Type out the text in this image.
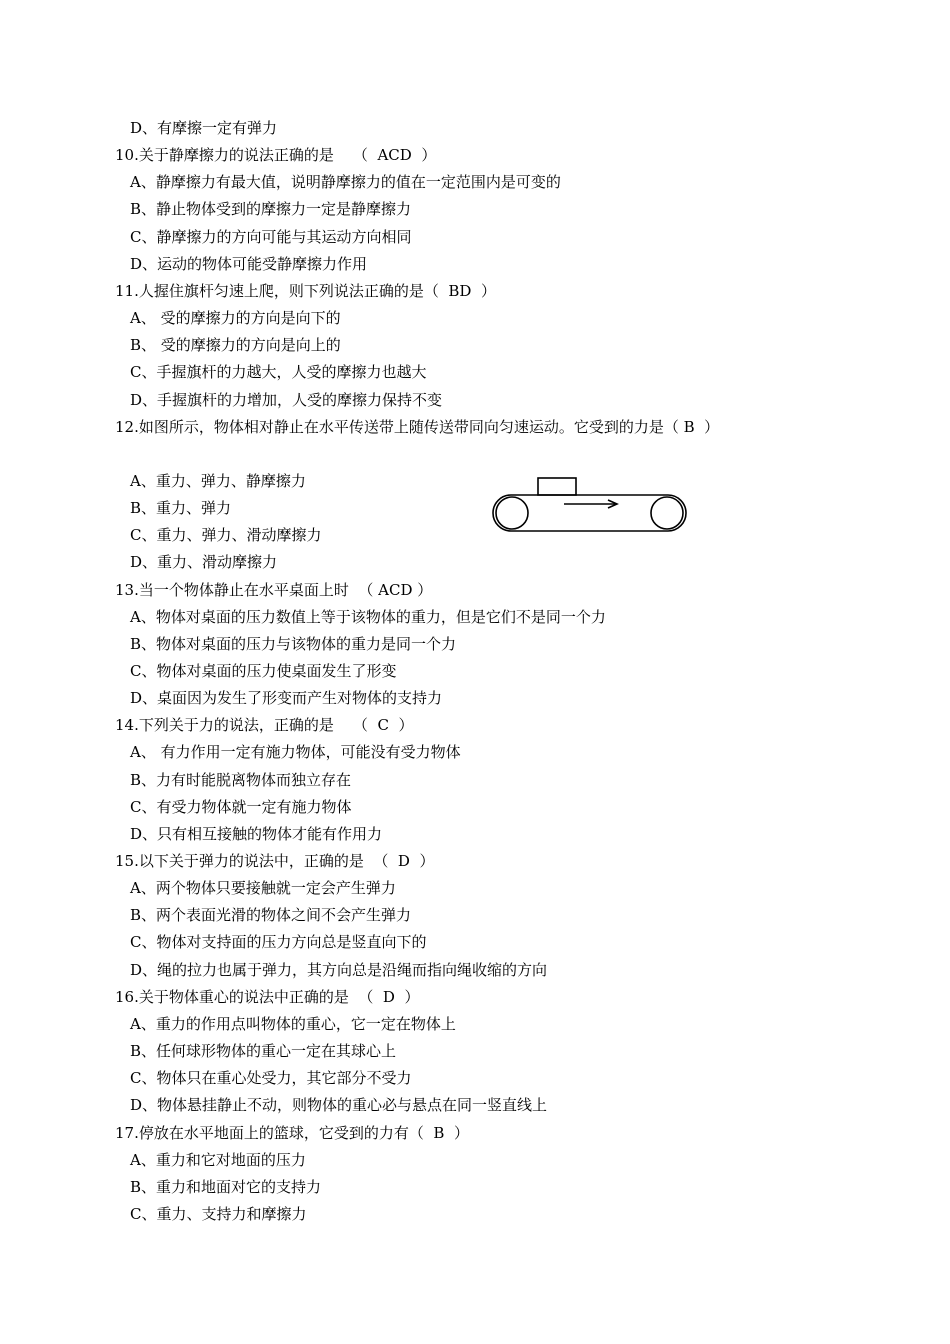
D、有摩擦一定有弹力
10.关于静摩擦力的说法正确的是    （  ACD  ）
A、静摩擦力有最大值，说明静摩擦力的值在一定范围内是可变的
B、静止物体受到的摩擦力一定是静摩擦力
C、静摩擦力的方向可能与其运动方向相同
D、运动的物体可能受静摩擦力作用
11.人握住旗杆匀速上爬，则下列说法正确的是（  BD  ）
A、 受的摩擦力的方向是向下的
B、 受的摩擦力的方向是向上的
C、手握旗杆的力越大，人受的摩擦力也越大
D、手握旗杆的力增加，人受的摩擦力保持不变
12.如图所示，物体相对静止在水平传送带上随传送带同向匀速运动。它受到的力是（ B  ）
A、重力、弹力、静摩擦力
B、重力、弹力
C、重力、弹力、滑动摩擦力
D、重力、滑动摩擦力
13.当一个物体静止在水平桌面上时  （ ACD ）
A、物体对桌面的压力数值上等于该物体的重力，但是它们不是同一个力
B、物体对桌面的压力与该物体的重力是同一个力
C、物体对桌面的压力使桌面发生了形变
D、桌面因为发生了形变而产生对物体的支持力
14.下列关于力的说法，正确的是    （  C  ）
A、 有力作用一定有施力物体，可能没有受力物体
B、力有时能脱离物体而独立存在
C、有受力物体就一定有施力物体
D、只有相互接触的物体才能有作用力
15.以下关于弹力的说法中，正确的是  （  D  ）
A、两个物体只要接触就一定会产生弹力
B、两个表面光滑的物体之间不会产生弹力
C、物体对支持面的压力方向总是竖直向下的
D、绳的拉力也属于弹力，其方向总是沿绳而指向绳收缩的方向
16.关于物体重心的说法中正确的是  （  D  ）
A、重力的作用点叫物体的重心，它一定在物体上
B、任何球形物体的重心一定在其球心上
C、物体只在重心处受力，其它部分不受力
D、物体悬挂静止不动，则物体的重心必与悬点在同一竖直线上
17.停放在水平地面上的篮球，它受到的力有（  B  ）
A、重力和它对地面的压力
B、重力和地面对它的支持力
C、重力、支持力和摩擦力
